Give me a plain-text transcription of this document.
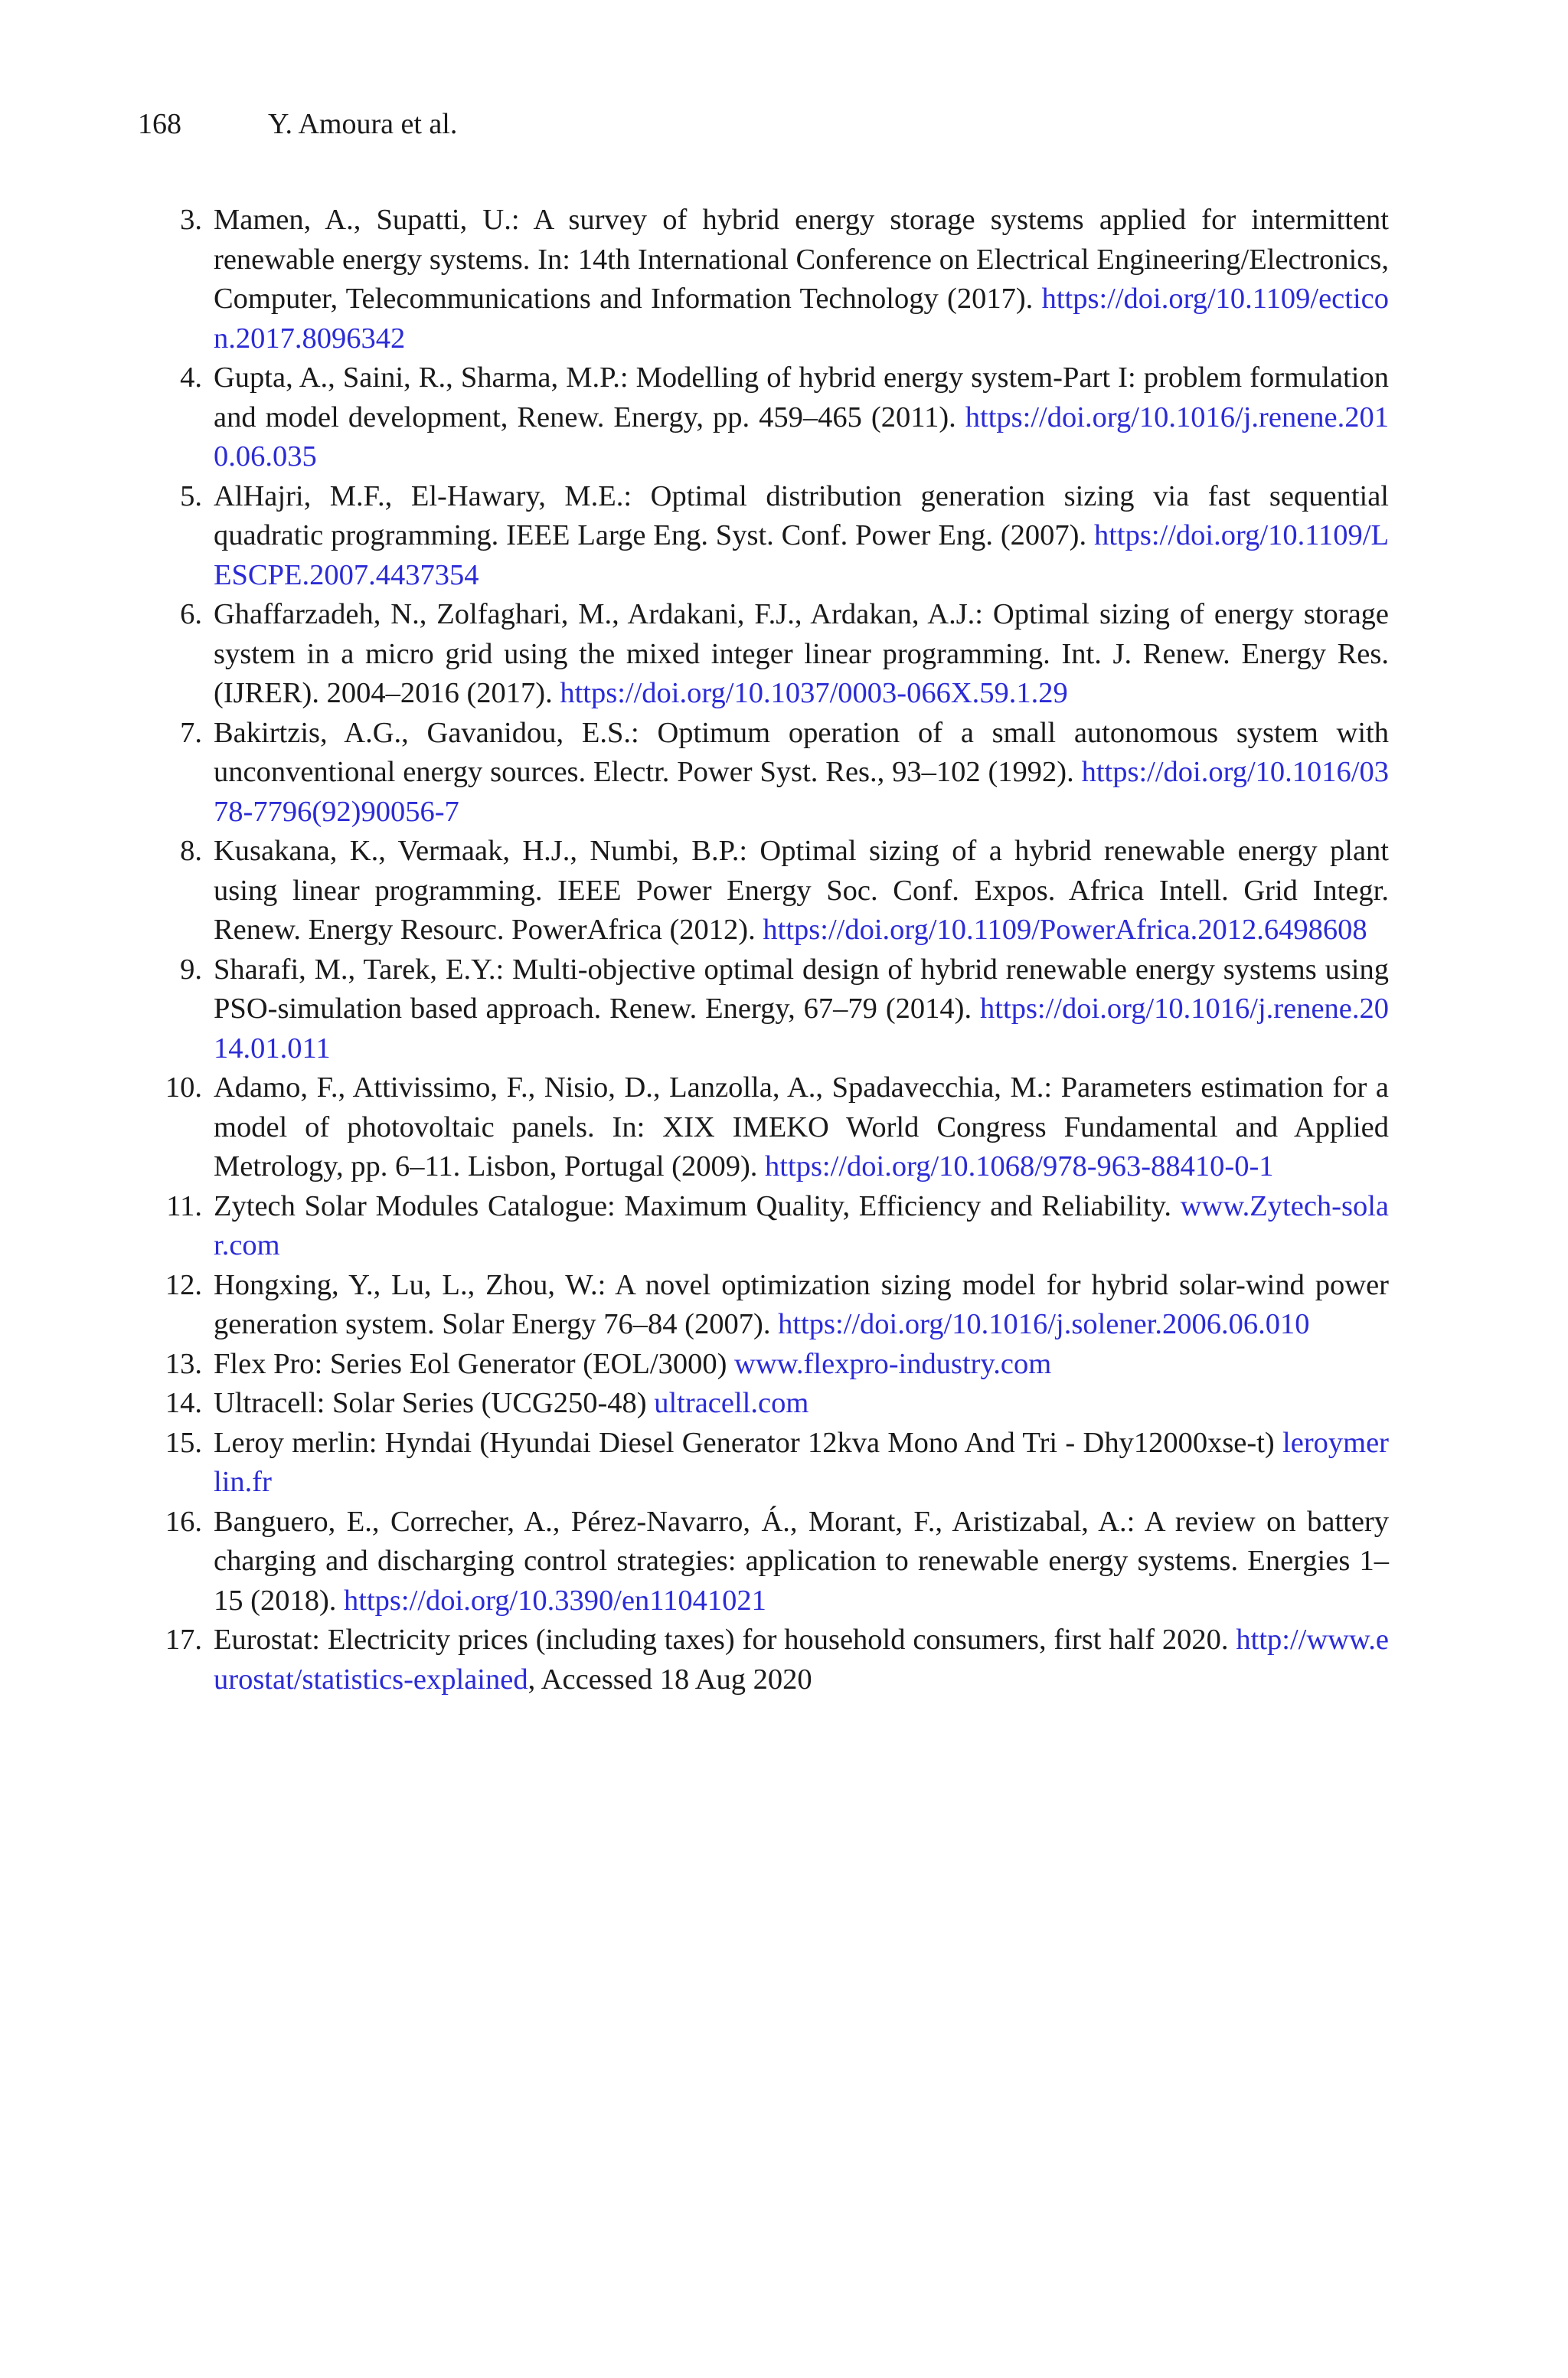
168	Y. Amoura et al.
3. Mamen, A., Supatti, U.: A survey of hybrid energy storage systems applied for intermittent renewable energy systems. In: 14th International Conference on Electrical Engineering/Electronics, Computer, Telecommunications and Information Technology (2017). https://doi.org/10.1109/ecticon.2017.8096342
4. Gupta, A., Saini, R., Sharma, M.P.: Modelling of hybrid energy system-Part I: problem formulation and model development, Renew. Energy, pp. 459–465 (2011). https://doi.org/10.1016/j.renene.2010.06.035
5. AlHajri, M.F., El-Hawary, M.E.: Optimal distribution generation sizing via fast sequential quadratic programming. IEEE Large Eng. Syst. Conf. Power Eng. (2007). https://doi.org/10.1109/LESCPE.2007.4437354
6. Ghaffarzadeh, N., Zolfaghari, M., Ardakani, F.J., Ardakan, A.J.: Optimal sizing of energy storage system in a micro grid using the mixed integer linear programming. Int. J. Renew. Energy Res. (IJRER). 2004–2016 (2017). https://doi.org/10.1037/0003-066X.59.1.29
7. Bakirtzis, A.G., Gavanidou, E.S.: Optimum operation of a small autonomous system with unconventional energy sources. Electr. Power Syst. Res., 93–102 (1992). https://doi.org/10.1016/0378-7796(92)90056-7
8. Kusakana, K., Vermaak, H.J., Numbi, B.P.: Optimal sizing of a hybrid renewable energy plant using linear programming. IEEE Power Energy Soc. Conf. Expos. Africa Intell. Grid Integr. Renew. Energy Resourc. PowerAfrica (2012). https://doi.org/10.1109/PowerAfrica.2012.6498608
9. Sharafi, M., Tarek, E.Y.: Multi-objective optimal design of hybrid renewable energy systems using PSO-simulation based approach. Renew. Energy, 67–79 (2014). https://doi.org/10.1016/j.renene.2014.01.011
10. Adamo, F., Attivissimo, F., Nisio, D., Lanzolla, A., Spadavecchia, M.: Parameters estimation for a model of photovoltaic panels. In: XIX IMEKO World Congress Fundamental and Applied Metrology, pp. 6–11. Lisbon, Portugal (2009). https://doi.org/10.1068/978-963-88410-0-1
11. Zytech Solar Modules Catalogue: Maximum Quality, Efficiency and Reliability. www.Zytech-solar.com
12. Hongxing, Y., Lu, L., Zhou, W.: A novel optimization sizing model for hybrid solar-wind power generation system. Solar Energy 76–84 (2007). https://doi.org/10.1016/j.solener.2006.06.010
13. Flex Pro: Series Eol Generator (EOL/3000) www.flexpro-industry.com
14. Ultracell: Solar Series (UCG250-48) ultracell.com
15. Leroy merlin: Hyndai (Hyundai Diesel Generator 12kva Mono And Tri - Dhy12000xse-t) leroymerlin.fr
16. Banguero, E., Correcher, A., Pérez-Navarro, Á., Morant, F., Aristizabal, A.: A review on battery charging and discharging control strategies: application to renewable energy systems. Energies 1–15 (2018). https://doi.org/10.3390/en11041021
17. Eurostat: Electricity prices (including taxes) for household consumers, first half 2020. http://www.eurostat/statistics-explained, Accessed 18 Aug 2020
